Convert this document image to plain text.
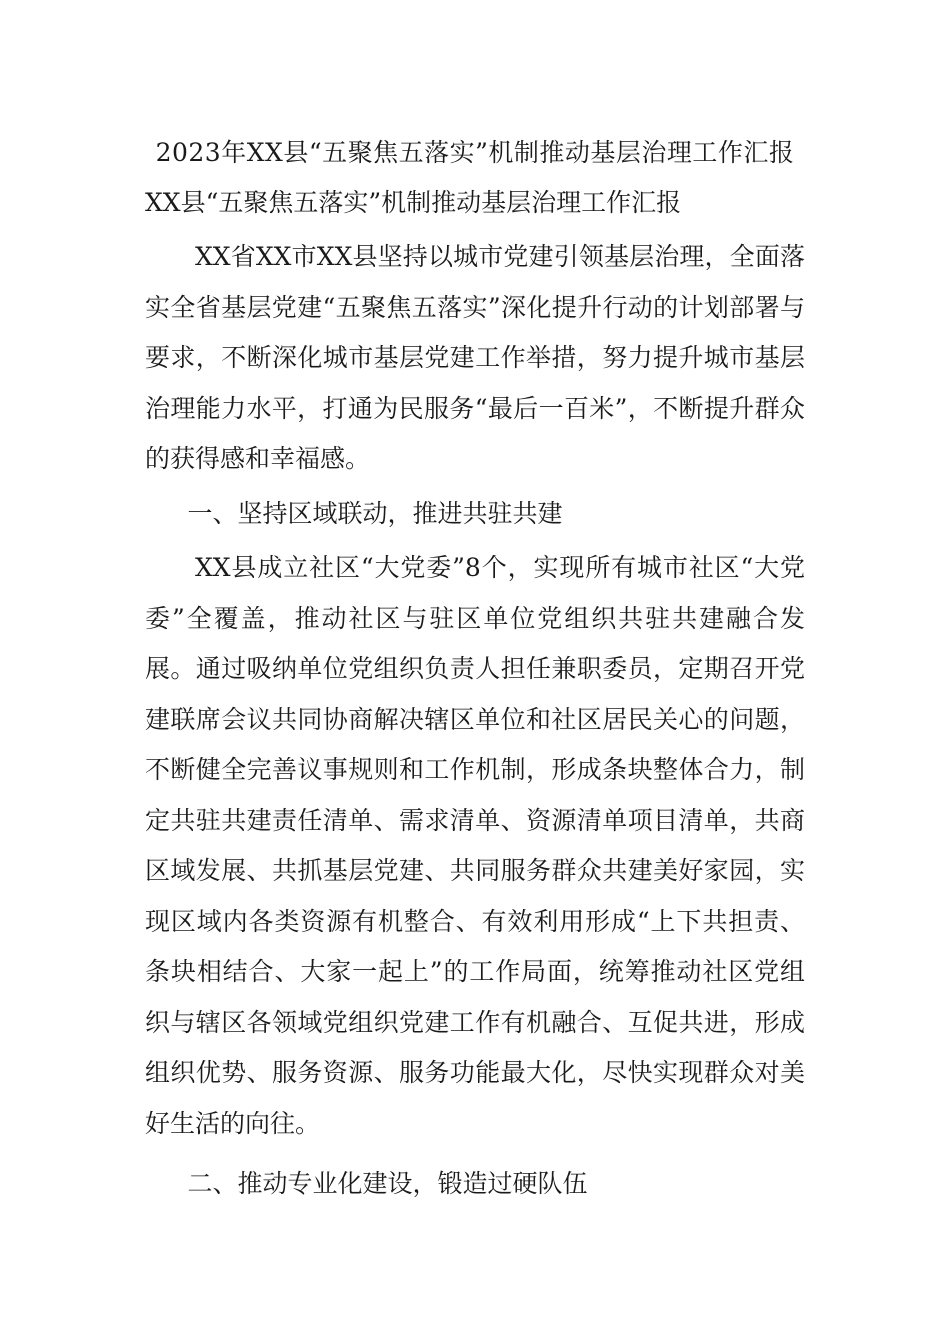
2023年XX县“五聚焦五落实”机制推动基层治理工作汇报
XX县“五聚焦五落实”机制推动基层治理工作汇报

XX省XX市XX县坚持以城市党建引领基层治理，全面落实全省基层党建“五聚焦五落实”深化提升行动的计划部署与要求，不断深化城市基层党建工作举措，努力提升城市基层治理能力水平，打通为民服务“最后一百米”，不断提升群众的获得感和幸福感。

一、坚持区域联动，推进共驻共建

XX县成立社区“大党委”8个，实现所有城市社区“大党委”全覆盖，推动社区与驻区单位党组织共驻共建融合发展。通过吸纳单位党组织负责人担任兼职委员，定期召开党建联席会议共同协商解决辖区单位和社区居民关心的问题，不断健全完善议事规则和工作机制，形成条块整体合力，制定共驻共建责任清单、需求清单、资源清单项目清单，共商区域发展、共抓基层党建、共同服务群众共建美好家园，实现区域内各类资源有机整合、有效利用形成“上下共担责、条块相结合、大家一起上”的工作局面，统筹推动社区党组织与辖区各领域党组织党建工作有机融合、互促共进，形成组织优势、服务资源、服务功能最大化，尽快实现群众对美好生活的向往。

二、推动专业化建设，锻造过硬队伍
